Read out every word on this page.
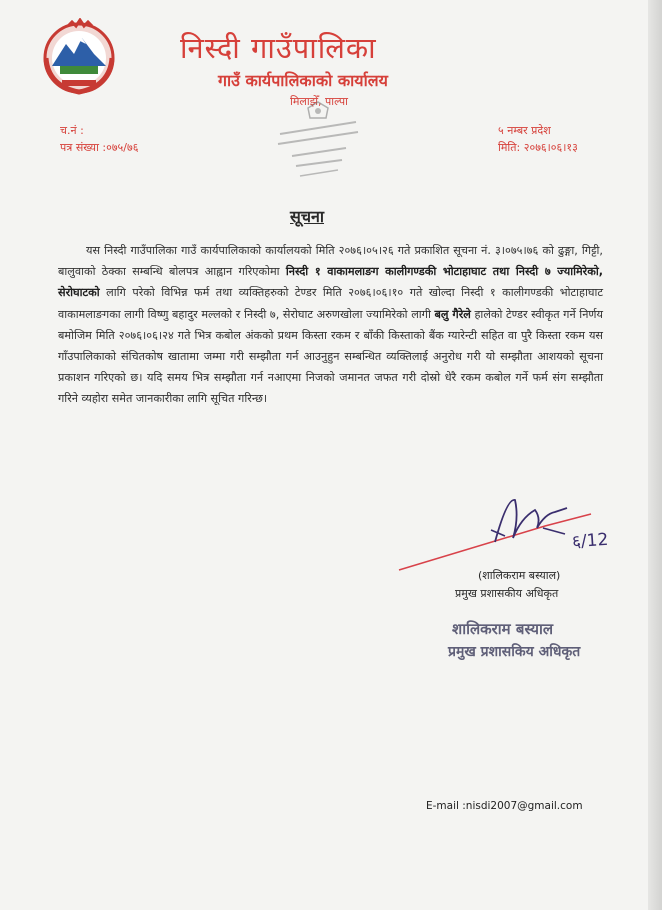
निस्दी गाउँपालिका
गाउँ कार्यपालिकाको कार्यालय
मिलाझेँ, पाल्पा
च.नं :
पत्र संख्या :०७५/७६
५ नम्बर प्रदेश
मिति: २०७६।०६।१३
सूचना

यस निस्दी गाउँपालिका गाउँ कार्यपालिकाको कार्यालयको मिति २०७६।०५।२६ गते प्रकाशित सूचना नं. ३।०७५।७६ को ढुङ्गा, गिट्टी, बालुवाको ठेक्का सम्बन्धि बोलपत्र आह्वान गरिएकोमा निस्दी १ वाकामलाङग कालीगण्डकी भोटाहाघाट तथा निस्दी ७ ज्यामिरेको, सेरोघाटको लागि परेको विभिन्न फर्म तथा व्यक्तिहरुको टेण्डर मिति २०७६।०६।१० गते खोल्दा निस्दी १ कालीगण्डकी भोटाहाघाट वाकामलाङगका लागी विष्णु बहादुर मल्लको र निस्दी ७, सेरोघाट अरुणखोला ज्यामिरेको लागी बलु गैरेले हालेको टेण्डर स्वीकृत गर्ने निर्णय बमोजिम मिति २०७६।०६।२४ गते भित्र कबोल अंकको प्रथम किस्ता रकम र बाँकी किस्ताको बैंक ग्यारेन्टी सहित वा पुरै किस्ता रकम यस गाँउपालिकाको संचितकोष खातामा जम्मा गरी सम्झौता गर्न आउनुहुन सम्बन्धित व्यक्तिलाई अनुरोध गरी यो सम्झौता आशयको सूचना प्रकाशन गरिएको छ। यदि समय भित्र सम्झौता गर्न नआएमा निजको जमानत जफत गरी दोस्रो धेरै रकम कबोल गर्ने फर्म संग सम्झौता गरिने व्यहोरा समेत जानकारीका लागि सूचित गरिन्छ।

६/12
(शालिकराम बस्याल)
प्रमुख प्रशासकीय अधिकृत
शालिकराम बस्याल
प्रमुख प्रशासकिय अधिकृत
E-mail :nisdi2007@gmail.com
